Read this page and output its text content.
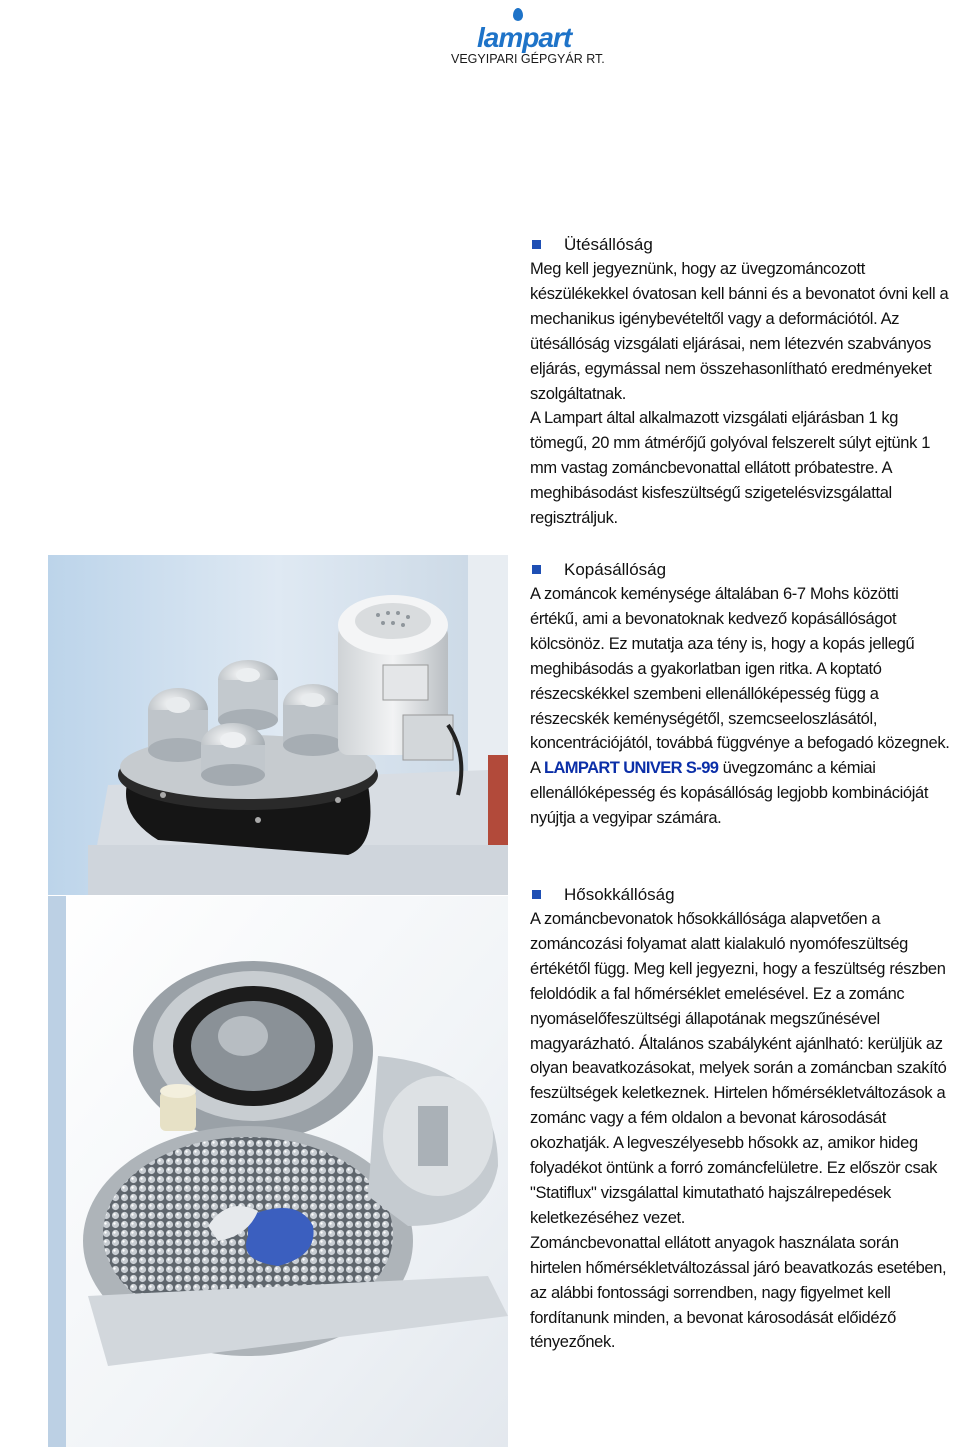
lampart
VEGYIPARI GÉPGYÁR RT.
Ütésállóság

Meg kell jegyeznünk, hogy az üvegzománcozott készülékekkel óvatosan kell bánni és a bevonatot óvni kell a mechanikus igénybevételtől vagy a deformációtól. Az ütésállóság vizsgálati eljárásai, nem létezvén szabványos eljárás, egymással nem összehasonlítható eredményeket szolgáltatnak.

A Lampart által alkalmazott vizsgálati eljárásban 1 kg tömegű, 20 mm átmérőjű golyóval felszerelt súlyt ejtünk 1 mm vastag zománcbevonattal ellátott próbatestre. A meghibásodást kisfeszültségű szigetelésvizsgálattal regisztráljuk.

Kopásállóság

A zománcok keménysége általában 6-7 Mohs közötti értékű, ami a bevonatoknak kedvező kopásállóságot kölcsönöz. Ez mutatja aza tény is, hogy a kopás jellegű meghibásodás a gyakorlatban igen ritka. A koptató részecskékkel szembeni ellenállóképesség függ a részecskék keménységétől, szemcseeloszlásától, koncentrációjától, továbbá függvénye a befogadó közegnek. A LAMPART UNIVER S-99 üvegzománc a kémiai ellenállóképesség és kopásállóság legjobb kombinációját nyújtja a vegyipar számára.

Hősokkállóság

A zománcbevonatok hősokkállósága alapvetően a zománcozási folyamat alatt kialakuló nyomófeszültség értékétől függ. Meg kell jegyezni, hogy a feszültség részben feloldódik a fal hőmérséklet emelésével. Ez a zománc nyomáselőfeszültségi állapotának megszűnésével magyarázható. Általános szabályként ajánlható: kerüljük az olyan beavatkozásokat, melyek során a zománcban szakító feszültségek keletkeznek. Hirtelen hőmérsékletváltozások a zománc vagy a fém oldalon a bevonat károsodását okozhatják. A legveszélyesebb hősokk az, amikor hideg folyadékot öntünk a forró zománcfelületre. Ez először csak "Statiflux" vizsgálattal kimutatható hajszálrepedések keletkezéséhez vezet.

Zománcbevonattal ellátott anyagok használata során hirtelen hőmérsékletváltozással járó beavatkozás esetében, az alábbi fontossági sorrendben, nagy figyelmet kell fordítanunk minden, a bevonat károsodását előidéző tényezőnek.
